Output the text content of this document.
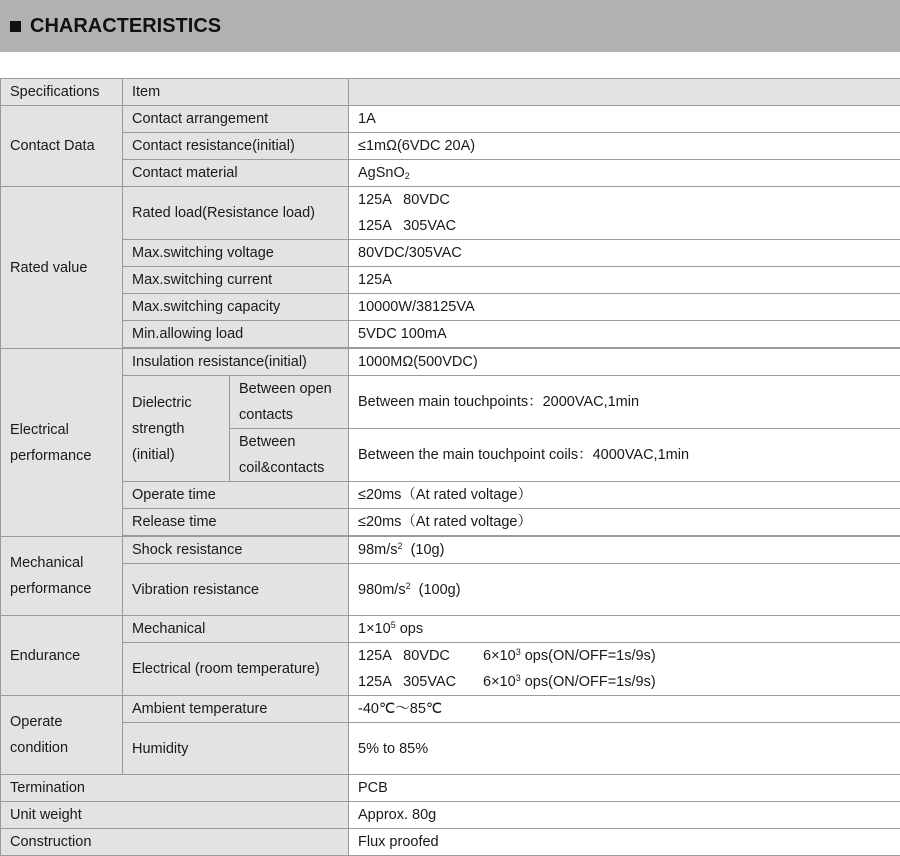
CHARACTERISTICS
Specifications	Item		
Contact Data	Contact arrangement		1A
	Contact resistance(initial)		≤1mΩ(6VDC 20A)
	Contact material		AgSnO$_2$
Rated value	Rated load(Resistance load)		125A   80VDC
125A   305VAC

	Max.switching voltage		80VDC/305VAC
	Max.switching current		125A
	Max.switching capacity		10000W/38125VA
	Min.allowing load		5VDC 100mA

Electrical
performance	Insulation resistance(initial)		1000MΩ(500VDC)

	Dielectric
strength
(initial)	Between open
contacts	Between main touchpoints：2000VAC,1min

		Between
coil&contacts	Between the main touchpoint coils：4000VAC,1min
	Operate time		≤20ms（At rated voltage）
	Release time		≤20ms（At rated voltage）

Mechanical
performance	Shock resistance		$98m/s^2$  (10g)
	Vibration resistance		$980m/s^2$  (100g)
Endurance	Mechanical		$1\times 10^5$ ops
	Electrical (room temperature)		125A   80VDC $6\times 10^3$ ops(ON/OFF=1s/9s)
125A   305VAC $6\times 10^3$ ops(ON/OFF=1s/9s)

Operate
condition	Ambient temperature		-40℃～85℃
	Humidity		5% to 85%
Termination			PCB
Unit weight			Approx. 80g
Construction			Flux proofed
